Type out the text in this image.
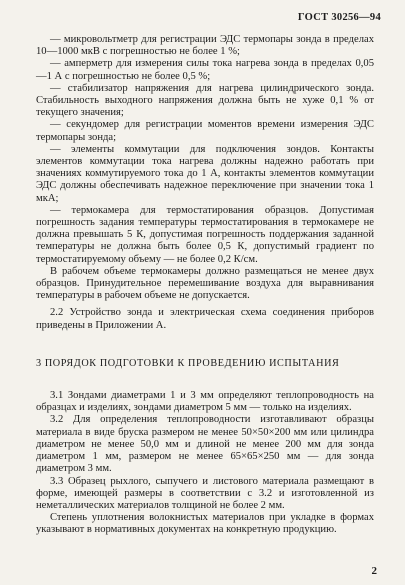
ГОСТ 30256—94

— микровольтметр для регистрации ЭДС термопары зонда в пределах 10—1000 мкВ с погрешностью не более 1 %;

— амперметр для измерения силы тока нагрева зонда в пределах 0,05—1 А с погрешностью не более 0,5 %;

— стабилизатор напряжения для нагрева цилиндрического зонда. Стабильность выходного напряжения должна быть не хуже 0,1 % от текущего значения;

— секундомер для регистрации моментов времени измерения ЭДС термопары зонда;

— элементы коммутации для подключения зондов. Контакты элементов коммутации тока нагрева должны надежно работать при значениях коммутируемого тока до 1 А, контакты элементов коммутации ЭДС должны обеспечивать надежное переключение при значении тока 1 мкА;

— термокамера для термостатирования образцов. Допустимая погрешность задания температуры термостатирования в термокамере не должна превышать 5 К, допустимая погрешность поддержания заданной температуры не должна быть более 0,5 К, допустимый градиент по термостатируемому объему — не более 0,2 К/см.

В рабочем объеме термокамеры должно размещаться не менее двух образцов. Принудительное перемешивание воздуха для выравнивания температуры в рабочем объеме не допускается.

2.2 Устройство зонда и электрическая схема соединения приборов приведены в Приложении А.

3 ПОРЯДОК ПОДГОТОВКИ К ПРОВЕДЕНИЮ ИСПЫТАНИЯ

3.1 Зондами диаметрами 1 и 3 мм определяют теплопроводность на образцах и изделиях, зондами диаметром 5 мм — только на изделиях.

3.2 Для определения теплопроводности изготавливают образцы материала в виде бруска размером не менее 50×50×200 мм или цилиндра диаметром не менее 50,0 мм и длиной не менее 200 мм для зонда диаметром 1 мм, размером не менее 65×65×250 мм — для зонда диаметром 3 мм.

3.3 Образец рыхлого, сыпучего и листового материала размещают в форме, имеющей размеры в соответствии с 3.2 и изготовленной из неметаллических материалов толщиной не более 2 мм.

Степень уплотнения волокнистых материалов при укладке в формах указывают в нормативных документах на конкретную продукцию.

2
